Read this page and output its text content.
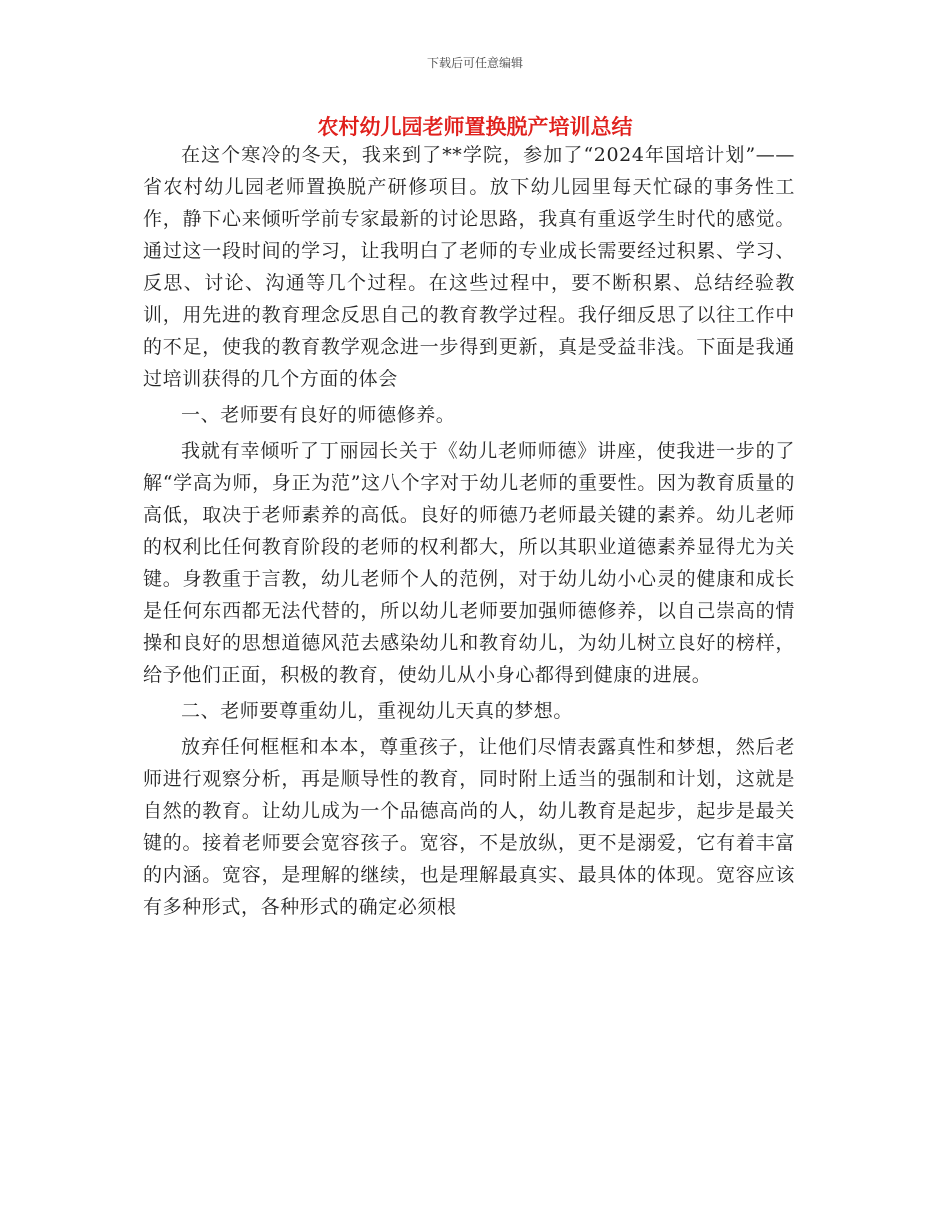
下载后可任意编辑
农村幼儿园老师置换脱产培训总结

在这个寒冷的冬天，我来到了**学院，参加了“2024年国培计划”——省农村幼儿园老师置换脱产研修项目。放下幼儿园里每天忙碌的事务性工作，静下心来倾听学前专家最新的讨论思路，我真有重返学生时代的感觉。通过这一段时间的学习，让我明白了老师的专业成长需要经过积累、学习、反思、讨论、沟通等几个过程。在这些过程中，要不断积累、总结经验教训，用先进的教育理念反思自己的教育教学过程。我仔细反思了以往工作中的不足，使我的教育教学观念进一步得到更新，真是受益非浅。下面是我通过培训获得的几个方面的体会

一、老师要有良好的师德修养。

我就有幸倾听了丁丽园长关于《幼儿老师师德》讲座，使我进一步的了解“学高为师，身正为范”这八个字对于幼儿老师的重要性。因为教育质量的高低，取决于老师素养的高低。良好的师德乃老师最关键的素养。幼儿老师的权利比任何教育阶段的老师的权利都大，所以其职业道德素养显得尤为关键。身教重于言教，幼儿老师个人的范例，对于幼儿幼小心灵的健康和成长是任何东西都无法代替的，所以幼儿老师要加强师德修养，以自己崇高的情操和良好的思想道德风范去感染幼儿和教育幼儿，为幼儿树立良好的榜样，给予他们正面，积极的教育，使幼儿从小身心都得到健康的进展。

二、老师要尊重幼儿，重视幼儿天真的梦想。

放弃任何框框和本本，尊重孩子，让他们尽情表露真性和梦想，然后老师进行观察分析，再是顺导性的教育，同时附上适当的强制和计划，这就是自然的教育。让幼儿成为一个品德高尚的人，幼儿教育是起步，起步是最关键的。接着老师要会宽容孩子。宽容，不是放纵，更不是溺爱，它有着丰富的内涵。宽容，是理解的继续，也是理解最真实、最具体的体现。宽容应该有多种形式，各种形式的确定必须根
